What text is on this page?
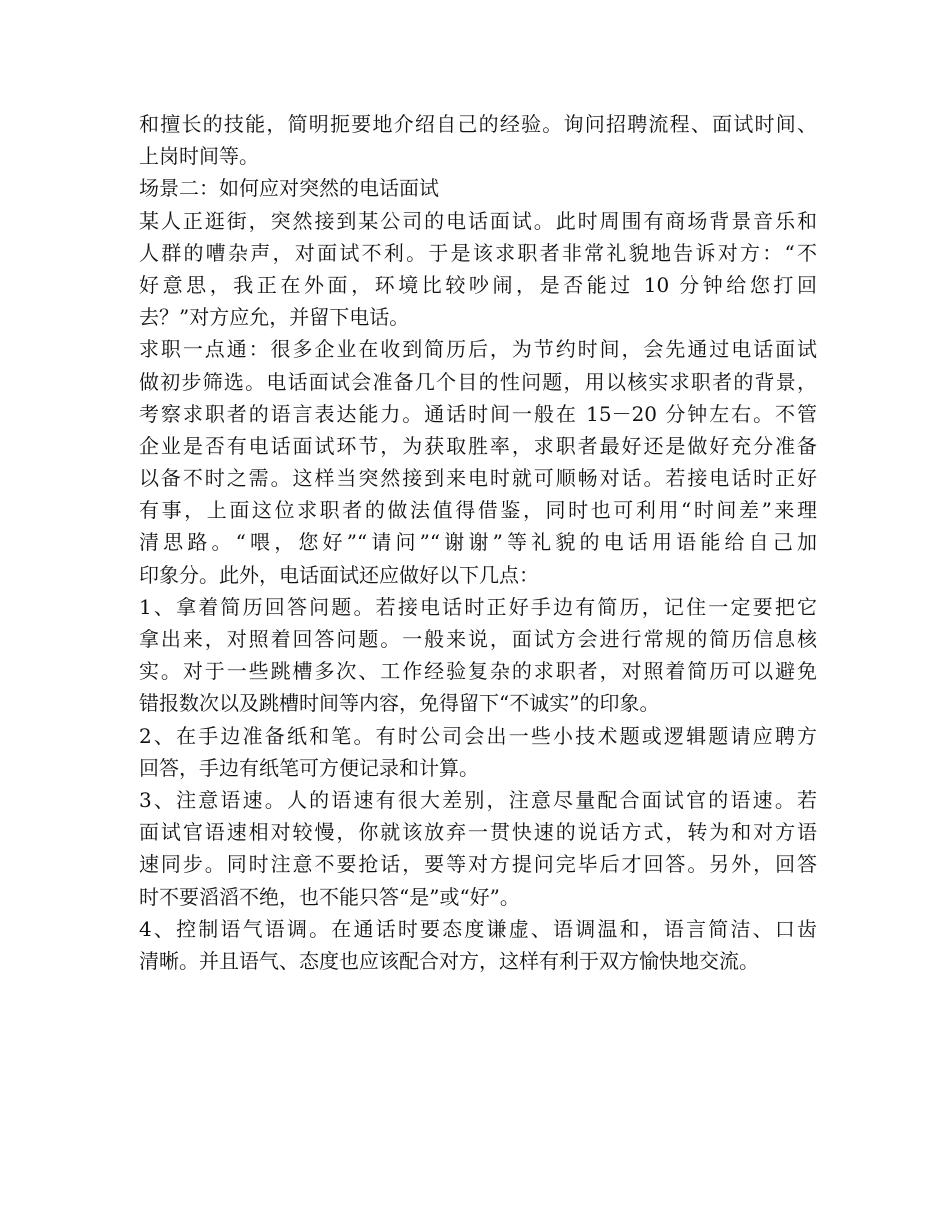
和擅长的技能，简明扼要地介绍自己的经验。询问招聘流程、面试时间、
上岗时间等。
场景二：如何应对突然的电话面试
某人正逛街，突然接到某公司的电话面试。此时周围有商场背景音乐和
人群的嘈杂声，对面试不利。于是该求职者非常礼貌地告诉对方：“不
好意思，我正在外面，环境比较吵闹，是否能过 10 分钟给您打回
去？”对方应允，并留下电话。
求职一点通：很多企业在收到简历后，为节约时间，会先通过电话面试
做初步筛选。电话面试会准备几个目的性问题，用以核实求职者的背景，
考察求职者的语言表达能力。通话时间一般在 15－20 分钟左右。不管
企业是否有电话面试环节，为获取胜率，求职者最好还是做好充分准备
以备不时之需。这样当突然接到来电时就可顺畅对话。若接电话时正好
有事，上面这位求职者的做法值得借鉴，同时也可利用“时间差”来理
清思路。“喂，您好”“请问”“谢谢”等礼貌的电话用语能给自己加
印象分。此外，电话面试还应做好以下几点：
1、拿着简历回答问题。若接电话时正好手边有简历，记住一定要把它
拿出来，对照着回答问题。一般来说，面试方会进行常规的简历信息核
实。对于一些跳槽多次、工作经验复杂的求职者，对照着简历可以避免
错报数次以及跳槽时间等内容，免得留下“不诚实”的印象。
2、在手边准备纸和笔。有时公司会出一些小技术题或逻辑题请应聘方
回答，手边有纸笔可方便记录和计算。
3、注意语速。人的语速有很大差别，注意尽量配合面试官的语速。若
面试官语速相对较慢，你就该放弃一贯快速的说话方式，转为和对方语
速同步。同时注意不要抢话，要等对方提问完毕后才回答。另外，回答
时不要滔滔不绝，也不能只答“是”或“好”。
4、控制语气语调。在通话时要态度谦虚、语调温和，语言简洁、口齿
清晰。并且语气、态度也应该配合对方，这样有利于双方愉快地交流。
